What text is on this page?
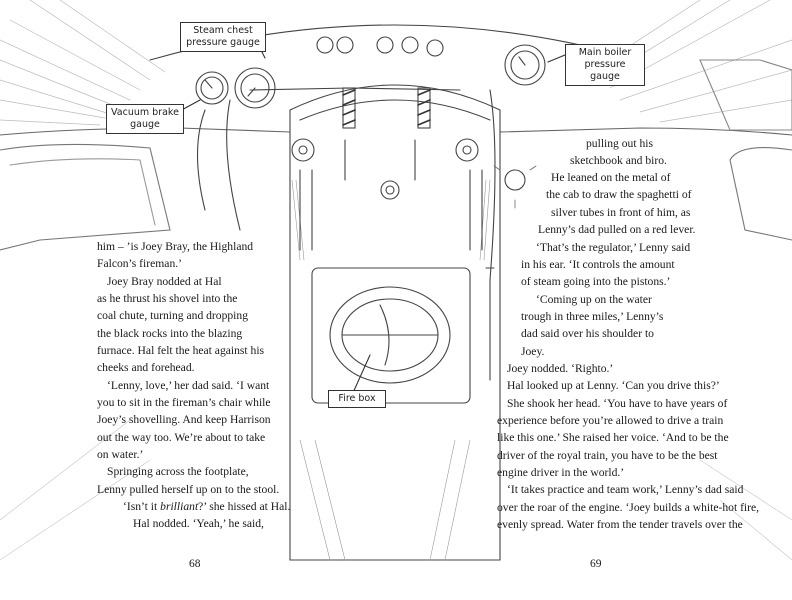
Steam chest
pressure gauge
Main boiler
pressure gauge
Vacuum brake
gauge
Fire box
him – ’is Joey Bray, the Highland
Falcon’s fireman.’
Joey Bray nodded at Hal
as he thrust his shovel into the
coal chute, turning and dropping
the black rocks into the blazing
furnace. Hal felt the heat against his
cheeks and forehead.
‘Lenny, love,’ her dad said. ‘I want
you to sit in the fireman’s chair while
Joey’s shovelling. And keep Harrison
out the way too. We’re about to take
on water.’
Springing across the footplate,
Lenny pulled herself up on to the stool.
‘Isn’t it brilliant?’ she hissed at Hal.
Hal nodded. ‘Yeah,’ he said,
68
pulling out his
sketchbook and biro.
He leaned on the metal of
the cab to draw the spaghetti of
silver tubes in front of him, as
Lenny’s dad pulled on a red lever.
‘That’s the regulator,’ Lenny said
in his ear. ‘It controls the amount
of steam going into the pistons.’
‘Coming up on the water
trough in three miles,’ Lenny’s
dad said over his shoulder to
Joey.
Joey nodded. ‘Righto.’
Hal looked up at Lenny. ‘Can you drive this?’
She shook her head. ‘You have to have years of
experience before you’re allowed to drive a train
like this one.’ She raised her voice. ‘And to be the
driver of the royal train, you have to be the best
engine driver in the world.’
‘It takes practice and team work,’ Lenny’s dad said
over the roar of the engine. ‘Joey builds a white-hot fire,
evenly spread. Water from the tender travels over the
69
